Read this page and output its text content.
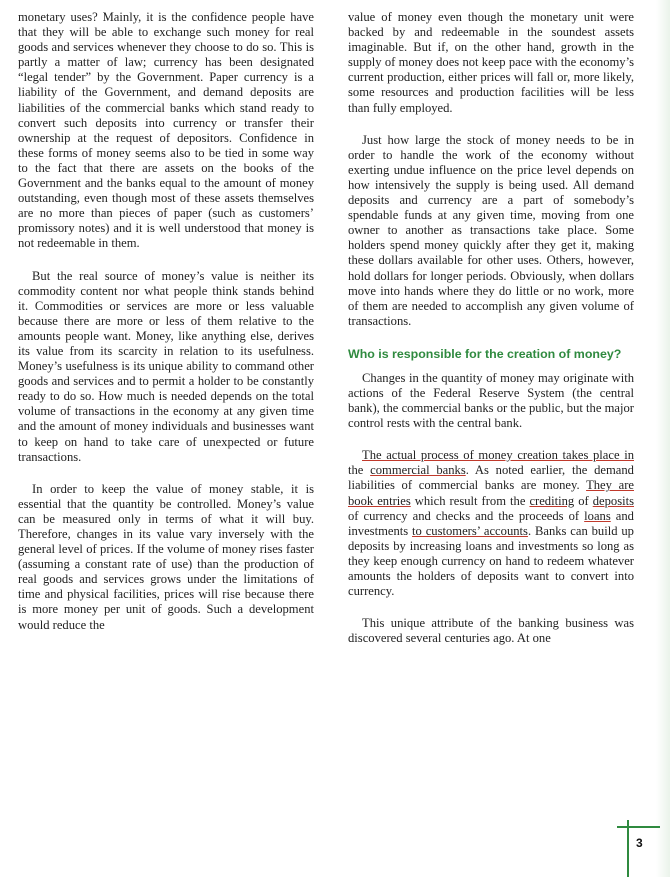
monetary uses? Mainly, it is the confidence people have that they will be able to exchange such money for real goods and services whenever they choose to do so. This is partly a matter of law; currency has been designated “legal tender” by the Government. Paper currency is a liability of the Government, and demand deposits are liabilities of the commercial banks which stand ready to convert such deposits into currency or transfer their ownership at the request of depositors. Confidence in these forms of money seems also to be tied in some way to the fact that there are assets on the books of the Government and the banks equal to the amount of money outstanding, even though most of these assets themselves are no more than pieces of paper (such as customers’ promissory notes) and it is well understood that money is not redeemable in them.

But the real source of money’s value is neither its commodity content nor what people think stands behind it. Commodities or services are more or less valuable because there are more or less of them relative to the amounts people want. Money, like anything else, derives its value from its scarcity in relation to its usefulness. Money’s usefulness is its unique ability to command other goods and services and to permit a holder to be constantly ready to do so. How much is needed depends on the total volume of transactions in the economy at any given time and the amount of money individuals and businesses want to keep on hand to take care of unexpected or future transactions.

In order to keep the value of money stable, it is essential that the quantity be controlled. Money’s value can be measured only in terms of what it will buy. Therefore, changes in its value vary inversely with the general level of prices. If the volume of money rises faster (assuming a constant rate of use) than the production of real goods and services grows under the limitations of time and physical facilities, prices will rise because there is more money per unit of goods. Such a development would reduce the

value of money even though the monetary unit were backed by and redeemable in the soundest assets imaginable. But if, on the other hand, growth in the supply of money does not keep pace with the economy’s current production, either prices will fall or, more likely, some resources and production facilities will be less than fully employed.

Just how large the stock of money needs to be in order to handle the work of the economy without exerting undue influence on the price level depends on how intensively the supply is being used. All demand deposits and currency are a part of somebody’s spendable funds at any given time, moving from one owner to another as transactions take place. Some holders spend money quickly after they get it, making these dollars available for other uses. Others, however, hold dollars for longer periods. Obviously, when dollars move into hands where they do little or no work, more of them are needed to accomplish any given volume of transactions.

Who is responsible for the creation of money?

Changes in the quantity of money may originate with actions of the Federal Reserve System (the central bank), the commercial banks or the public, but the major control rests with the central bank.

The actual process of money creation takes place in the commercial banks. As noted earlier, the demand liabilities of commercial banks are money. They are book entries which result from the crediting of deposits of currency and checks and the proceeds of loans and investments to customers’ accounts. Banks can build up deposits by increasing loans and investments so long as they keep enough currency on hand to redeem whatever amounts the holders of deposits want to convert into currency.

This unique attribute of the banking business was discovered several centuries ago. At one

3
